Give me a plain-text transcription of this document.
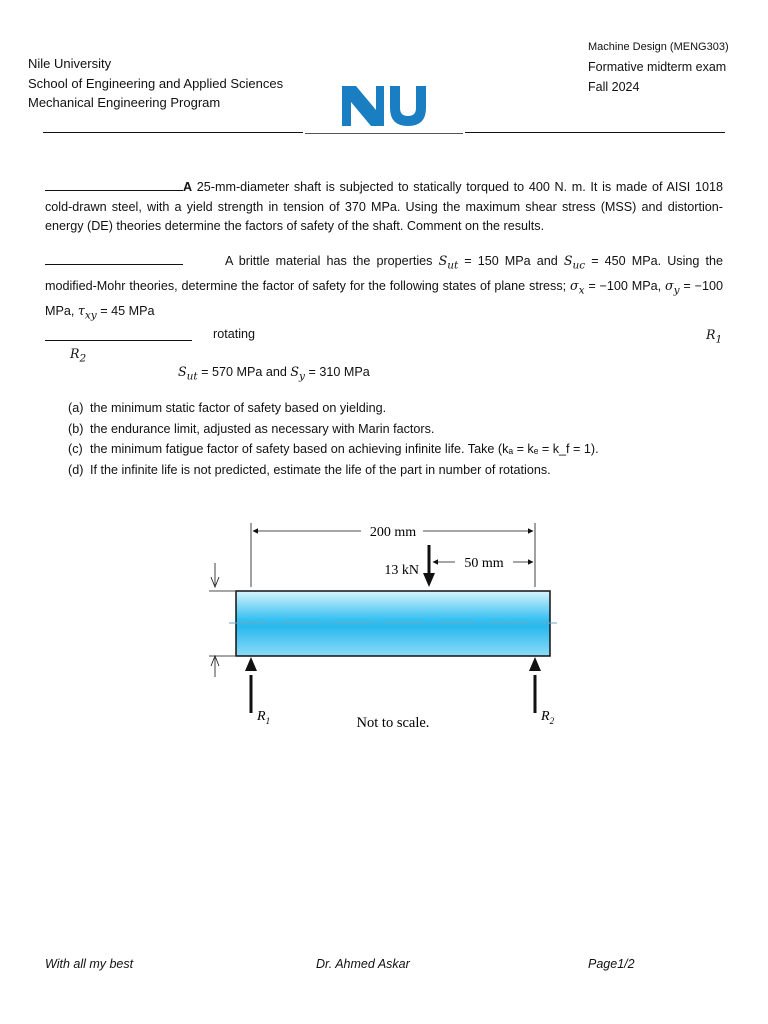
Nile University
School of Engineering and Applied Sciences
Mechanical Engineering Program
Machine Design (MENG303)
Formative midterm exam
Fall 2024
A 25-mm-diameter shaft is subjected to statically torqued to 400 N. m. It is made of AISI 1018 cold-drawn steel, with a yield strength in tension of 370 MPa. Using the maximum shear stress (MSS) and distortion-energy (DE) theories determine the factors of safety of the shaft. Comment on the results.
A brittle material has the properties $S_{ut} = 150$ MPa and $S_{uc} = 450$ MPa. Using the modified-Mohr theories, determine the factor of safety for the following states of plane stress; $\sigma_x = -100$ MPa, $\sigma_y = -100$ MPa, $\tau_{xy} = 45$ MPa
rotating	$R_1$
$R_2$
$S_{ut} = 570$ MPa and $S_y = 310$ MPa
(a) the minimum static factor of safety based on yielding.
(b) the endurance limit, adjusted as necessary with Marin factors.
(c) the minimum fatigue factor of safety based on achieving infinite life. Take (kₐ = kₑ = k_f = 1).
(d) If the infinite life is not predicted, estimate the life of the part in number of rotations.
200 mm
13 kN	50 mm
$R_1$	$R_2$
Not to scale.
With all my best	Dr. Ahmed Askar	Page1/2
